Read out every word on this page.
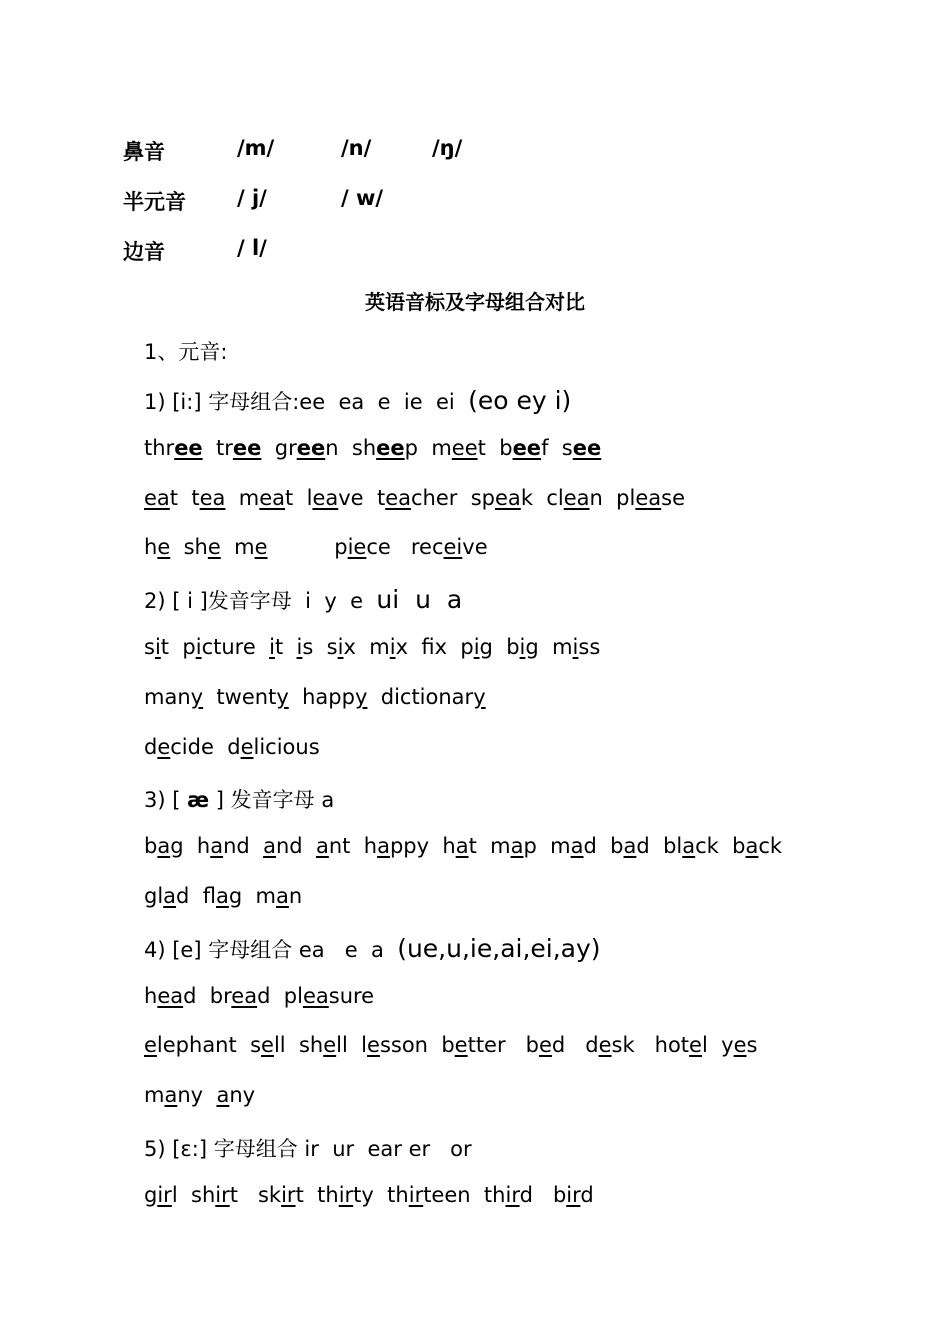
鼻音	/m/	/n/	/ŋ/
半元音 / j/	/ w/
边音	/ l/
英语音标及字母组合对比
1、元音:
1) [i:] 字母组合:ee  ea  e  ie  ei  (eo ey i)
three  tree  green  sheep  meet  beef  see
eat  tea  meat  leave  teacher  speak  clean  please
he  she  me          piece   receive
2) [ i ]发音字母  i  y  e  ui  u  a
sit  picture  it  is  six  mix  fx  pig  big  miss
many  twenty  happy  dictionary
decide  delicious
3) [ æ ] 发音字母 a
bag  hand  and  ant  happy  hat  map  mad  bad  black  back
glad  flag  man
4) [e] 字母组合 ea   e  a  (ue,u,ie,ai,ei,ay)
head  bread  pleasure
elephant  sell  shell  lesson  better   bed   desk   hotel  yes
many  any
5) [ɛ:] 字母组合 ir  ur  ear er   or
girl  shirt   skirt  thirty  thirteen  third   bird
